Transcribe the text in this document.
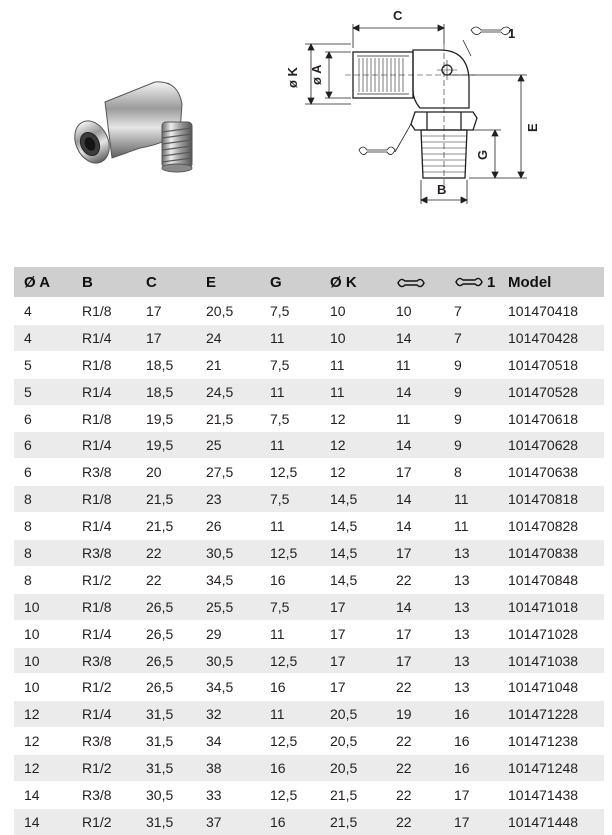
C
1
ø K ø A
E
G
B
Ø A	B	C	E	G	Ø K		1	Model
4	R1/8	17	20,5	7,5	10	10	7	101470418
4	R1/4	17	24	11	10	14	7	101470428
5	R1/8	18,5	21	7,5	11	11	9	101470518
5	R1/4	18,5	24,5	11	11	14	9	101470528
6	R1/8	19,5	21,5	7,5	12	11	9	101470618
6	R1/4	19,5	25	11	12	14	9	101470628
6	R3/8	20	27,5	12,5	12	17	8	101470638
8	R1/8	21,5	23	7,5	14,5	14	11	101470818
8	R1/4	21,5	26	11	14,5	14	11	101470828
8	R3/8	22	30,5	12,5	14,5	17	13	101470838
8	R1/2	22	34,5	16	14,5	22	13	101470848
10	R1/8	26,5	25,5	7,5	17	14	13	101471018
10	R1/4	26,5	29	11	17	17	13	101471028
10	R3/8	26,5	30,5	12,5	17	17	13	101471038
10	R1/2	26,5	34,5	16	17	22	13	101471048
12	R1/4	31,5	32	11	20,5	19	16	101471228
12	R3/8	31,5	34	12,5	20,5	22	16	101471238
12	R1/2	31,5	38	16	20,5	22	16	101471248
14	R3/8	30,5	33	12,5	21,5	22	17	101471438
14	R1/2	31,5	37	16	21,5	22	17	101471448
